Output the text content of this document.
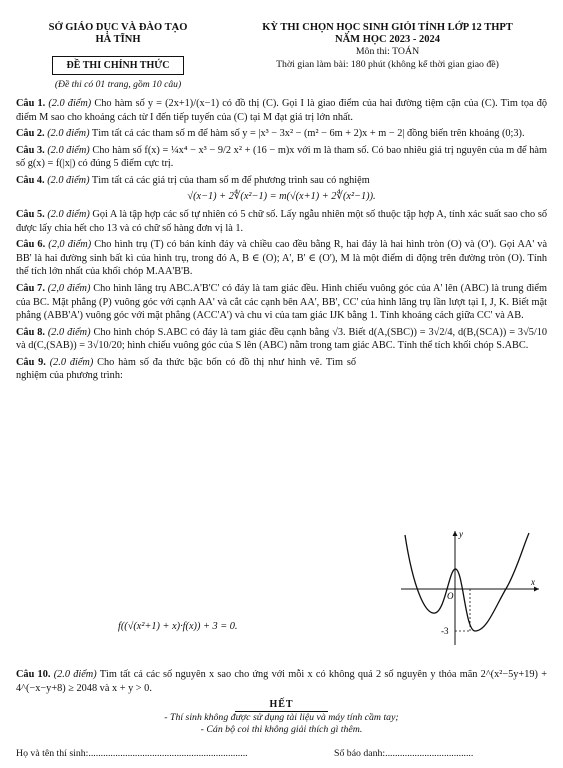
SỞ GIÁO DỤC VÀ ĐÀO TẠO
HÀ TĨNH
ĐỀ THI CHÍNH THỨC
(Đề thi có 01 trang, gồm 10 câu)
KỲ THI CHỌN HỌC SINH GIỎI TỈNH LỚP 12 THPT
NĂM HỌC 2023 - 2024
Môn thi: TOÁN
Thời gian làm bài: 180 phút (không kể thời gian giao đề)

Câu 1. (2.0 điểm) Cho hàm số y = (2x+1)/(x−1) có đồ thị (C). Gọi I là giao điểm của hai đường tiệm cận của (C). Tìm tọa độ điểm M sao cho khoảng cách từ I đến tiếp tuyến của (C) tại M đạt giá trị lớn nhất.

Câu 2. (2.0 điểm) Tìm tất cả các tham số m để hàm số y = |x³ − 3x² − (m² − 6m + 2)x + m − 2| đồng biến trên khoảng (0;3).

Câu 3. (2.0 điểm) Cho hàm số f(x) = ¼x⁴ − x³ − 9/2 x² + (16 − m)x với m là tham số. Có bao nhiêu giá trị nguyên của m để hàm số g(x) = f(|x|) có đúng 5 điểm cực trị.

Câu 4. (2.0 điểm) Tìm tất cả các giá trị của tham số m để phương trình sau có nghiệm

√(x−1) + 2∜(x²−1) = m(√(x+1) + 2∜(x²−1)).

Câu 5. (2.0 điểm) Gọi A là tập hợp các số tự nhiên có 5 chữ số. Lấy ngẫu nhiên một số thuộc tập hợp A, tính xác suất sao cho số được lấy chia hết cho 13 và có chữ số hàng đơn vị là 1.

Câu 6. (2,0 điểm) Cho hình trụ (T) có bán kính đáy và chiều cao đều bằng R, hai đáy là hai hình tròn (O) và (O'). Gọi AA' và BB' là hai đường sinh bất kì của hình trụ, trong đó A, B ∈ (O); A', B' ∈ (O'), M là một điểm di động trên đường tròn (O). Tính thể tích lớn nhất của khối chóp M.AA'B'B.

Câu 7. (2,0 điểm) Cho hình lăng trụ ABC.A'B'C' có đáy là tam giác đều. Hình chiếu vuông góc của A' lên (ABC) là trung điểm của BC. Mặt phẳng (P) vuông góc với cạnh AA' và cắt các cạnh bên AA', BB', CC' của hình lăng trụ lần lượt tại I, J, K. Biết mặt phẳng (ABB'A') vuông góc với mặt phẳng (ACC'A') và chu vi của tam giác IJK bằng 1. Tính khoảng cách giữa CC' và AB.

Câu 8. (2.0 điểm) Cho hình chóp S.ABC có đáy là tam giác đều cạnh bằng √3. Biết d(A,(SBC)) = 3√2/4, d(B,(SCA)) = 3√5/10 và d(C,(SAB)) = 3√10/20; hình chiếu vuông góc của S lên (ABC) nằm trong tam giác ABC. Tính thể tích khối chóp S.ABC.

Câu 9. (2.0 điểm) Cho hàm số đa thức bậc bốn có đồ thị như hình vẽ. Tìm số nghiệm của phương trình:

f((√(x²+1) + x)·f(x)) + 3 = 0.
y
x
O
-3

Câu 10. (2.0 điểm) Tìm tất cả các số nguyên x sao cho ứng với mỗi x có không quá 2 số nguyên y thỏa mãn 2^(x²−5y+19) + 4^(−x−y+8) ≥ 2048 và x + y > 0.

HẾT
- Thí sinh không được sử dụng tài liệu và máy tính cầm tay;
- Cán bộ coi thi không giải thích gì thêm.
Họ và tên thí sinh:.................................................................	Số báo danh:....................................
